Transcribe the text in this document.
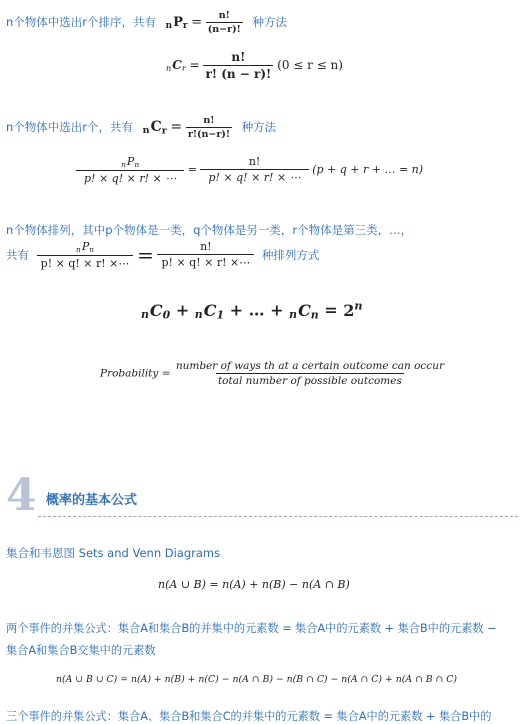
n个物体中选出r个排序，共有 $nP_r = \frac{n!}{(n-r)!}$ 种方法
$nC_r = \frac{n!}{r! (n - r)!} (0 \le r \le n)$
n个物体中选出r个，共有 $nC_r = \frac{n!}{r!(n-r)!}$ 种方法
$\frac{nP_n}{p! \times q! \times r! \times \cdots} = \frac{n!}{p! \times q! \times r! \times \cdots} (p + q + r$ + … = n)
n个物体排列，其中p个物体是一类，q个物体是另一类，r个物体是第三类，…，
共有 $\frac{nP_n}{p! \times q! \times r! \times\cdots} = \frac{n!}{p! \times q! \times r! \times\cdots}$ 种排列方式
$nC_0 + nC_1$ + … + $nC_n = 2^n$
Probability = $\frac{\text{number of ways th at a certain outcome can occur}}{\text{total number of possible outcomes}}$
4 概率的基本公式
集合和韦恩图 Sets and Venn Diagrams
n(A ∪ B) = n(A) + n(B) − n(A ∩ B)
两个事件的并集公式：集合A和集合B的并集中的元素数 = 集合A中的元素数 + 集合B中的元素数 −
集合A和集合B交集中的元素数
n(A ∪ B ∪ C) = n(A) + n(B) + n(C) − n(A ∩ B) − n(B ∩ C) − n(A ∩ C) + n(A ∩ B ∩ C)
三个事件的并集公式：集合A、集合B和集合C的并集中的元素数 = 集合A中的元素数 + 集合B中的
